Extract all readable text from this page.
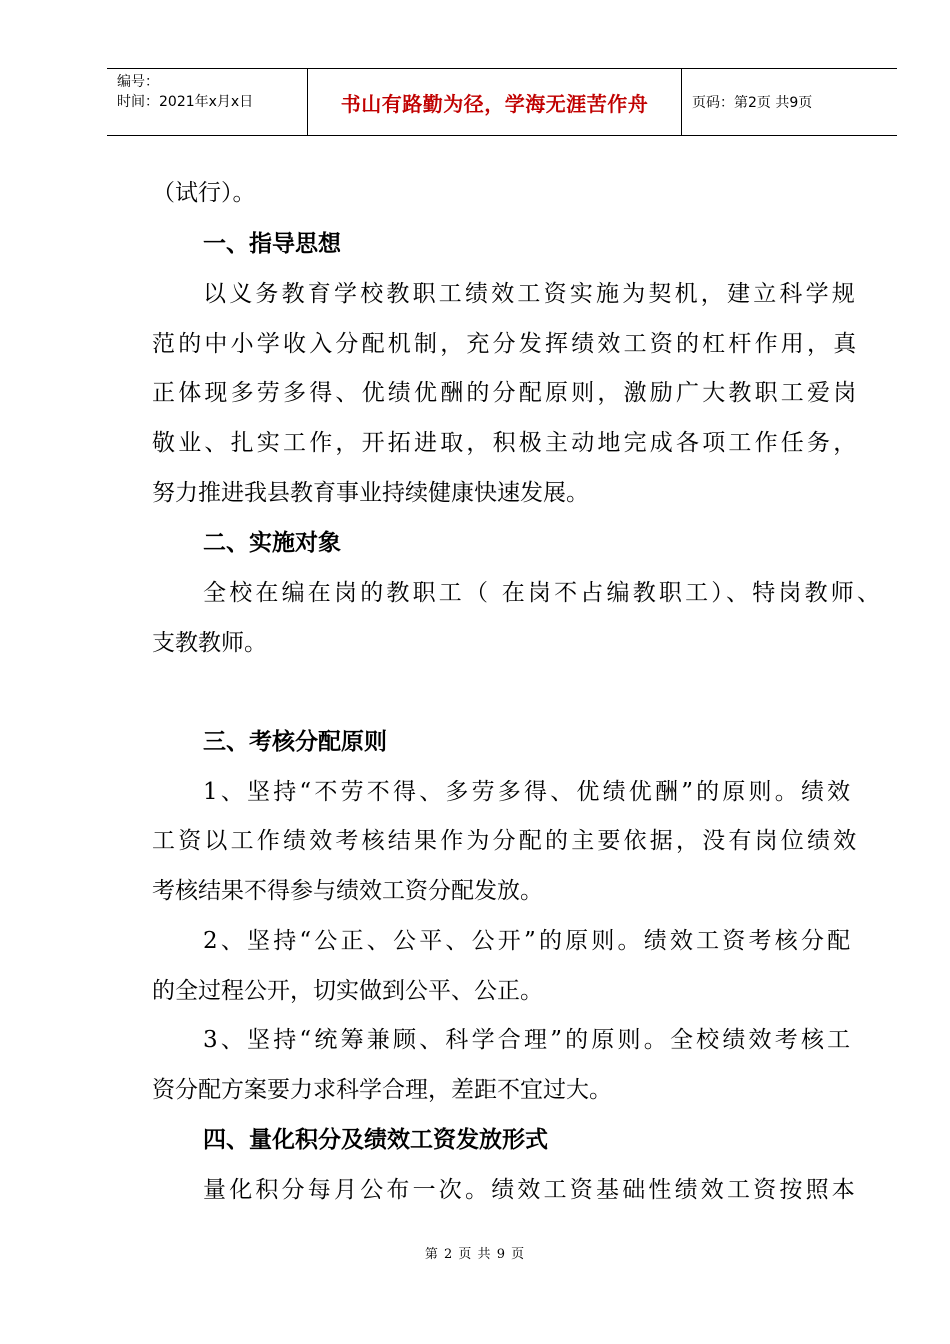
编号：
时间：2021年x月x日	书山有路勤为径，学海无涯苦作舟	页码：第2页 共9页
（试行）。
一、指导思想
以义务教育学校教职工绩效工资实施为契机，建立科学规
范的中小学收入分配机制，充分发挥绩效工资的杠杆作用，真
正体现多劳多得、优绩优酬的分配原则，激励广大教职工爱岗
敬业、扎实工作，开拓进取，积极主动地完成各项工作任务，
努力推进我县教育事业持续健康快速发展。
二、实施对象
全校在编在岗的教职工（ 在岗不占编教职工）、特岗教师、
支教教师。
三、考核分配原则
1、坚持“不劳不得、多劳多得、优绩优酬”的原则。绩效
工资以工作绩效考核结果作为分配的主要依据，没有岗位绩效
考核结果不得参与绩效工资分配发放。
2、坚持“公正、公平、公开”的原则。绩效工资考核分配
的全过程公开，切实做到公平、公正。
3、坚持“统筹兼顾、科学合理”的原则。全校绩效考核工
资分配方案要力求科学合理，差距不宜过大。
四、量化积分及绩效工资发放形式
量化积分每月公布一次。绩效工资基础性绩效工资按照本
第 2 页 共 9 页
